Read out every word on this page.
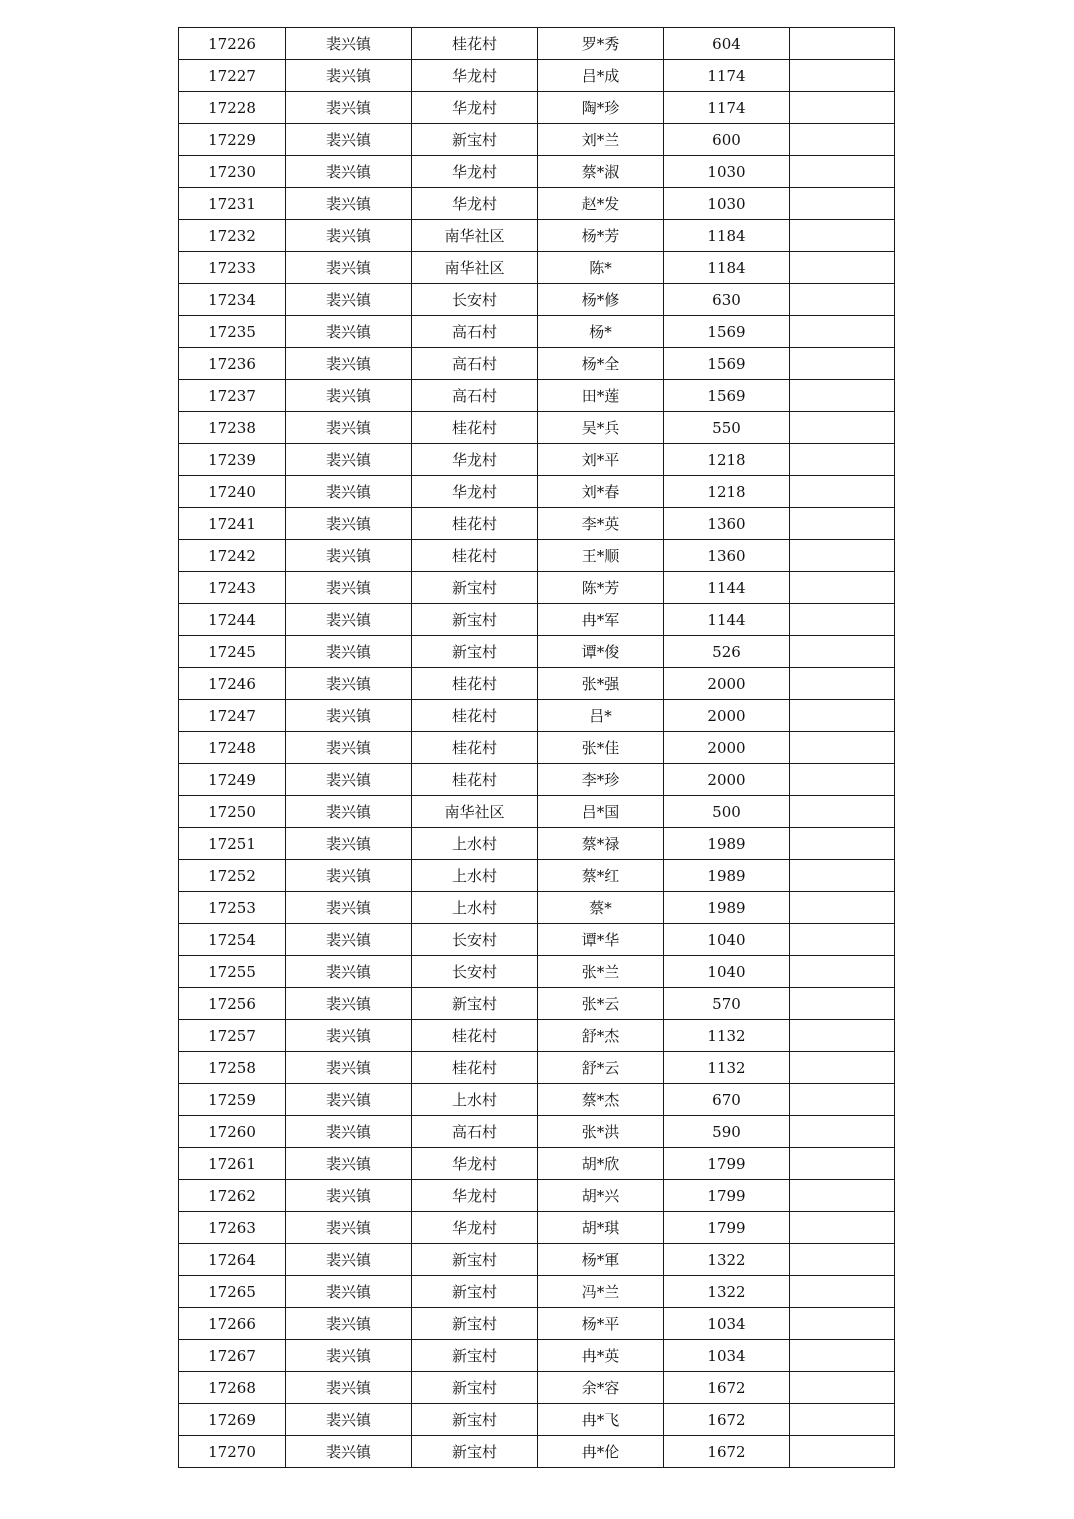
17226	裴兴镇	桂花村	罗*秀	604	
17227	裴兴镇	华龙村	吕*成	1174	
17228	裴兴镇	华龙村	陶*珍	1174	
17229	裴兴镇	新宝村	刘*兰	600	
17230	裴兴镇	华龙村	蔡*淑	1030	
17231	裴兴镇	华龙村	赵*发	1030	
17232	裴兴镇	南华社区	杨*芳	1184	
17233	裴兴镇	南华社区	陈*	1184	
17234	裴兴镇	长安村	杨*修	630	
17235	裴兴镇	高石村	杨*	1569	
17236	裴兴镇	高石村	杨*全	1569	
17237	裴兴镇	高石村	田*莲	1569	
17238	裴兴镇	桂花村	吴*兵	550	
17239	裴兴镇	华龙村	刘*平	1218	
17240	裴兴镇	华龙村	刘*春	1218	
17241	裴兴镇	桂花村	李*英	1360	
17242	裴兴镇	桂花村	王*顺	1360	
17243	裴兴镇	新宝村	陈*芳	1144	
17244	裴兴镇	新宝村	冉*军	1144	
17245	裴兴镇	新宝村	谭*俊	526	
17246	裴兴镇	桂花村	张*强	2000	
17247	裴兴镇	桂花村	吕*	2000	
17248	裴兴镇	桂花村	张*佳	2000	
17249	裴兴镇	桂花村	李*珍	2000	
17250	裴兴镇	南华社区	吕*国	500	
17251	裴兴镇	上水村	蔡*禄	1989	
17252	裴兴镇	上水村	蔡*红	1989	
17253	裴兴镇	上水村	蔡*	1989	
17254	裴兴镇	长安村	谭*华	1040	
17255	裴兴镇	长安村	张*兰	1040	
17256	裴兴镇	新宝村	张*云	570	
17257	裴兴镇	桂花村	舒*杰	1132	
17258	裴兴镇	桂花村	舒*云	1132	
17259	裴兴镇	上水村	蔡*杰	670	
17260	裴兴镇	高石村	张*洪	590	
17261	裴兴镇	华龙村	胡*欣	1799	
17262	裴兴镇	华龙村	胡*兴	1799	
17263	裴兴镇	华龙村	胡*琪	1799	
17264	裴兴镇	新宝村	杨*軍	1322	
17265	裴兴镇	新宝村	冯*兰	1322	
17266	裴兴镇	新宝村	杨*平	1034	
17267	裴兴镇	新宝村	冉*英	1034	
17268	裴兴镇	新宝村	余*容	1672	
17269	裴兴镇	新宝村	冉*飞	1672	
17270	裴兴镇	新宝村	冉*伦	1672	
